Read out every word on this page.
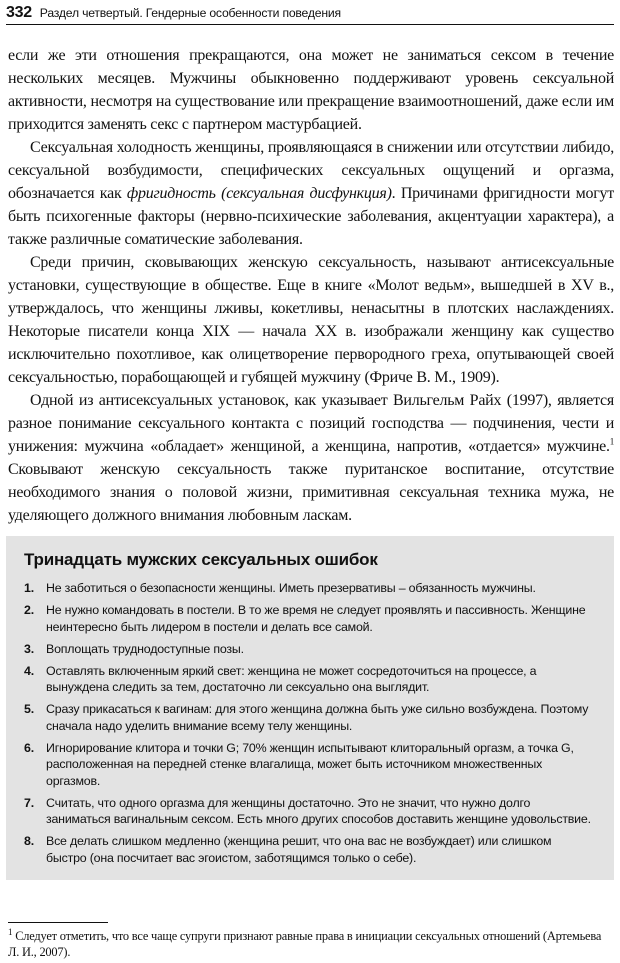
332 Раздел четвертый. Гендерные особенности поведения

если же эти отношения прекращаются, она может не заниматься сексом в течение нескольких месяцев. Мужчины обыкновенно поддерживают уровень сексуальной активности, несмотря на существование или прекращение взаимоотношений, даже если им приходится заменять секс с партнером мастурбацией.

Сексуальная холодность женщины, проявляющаяся в снижении или отсутствии либидо, сексуальной возбудимости, специфических сексуальных ощущений и оргазма, обозначается как фригидность (сексуальная дисфункция). Причинами фригидности могут быть психогенные факторы (нервно-психические заболевания, акцентуации характера), а также различные соматические заболевания.

Среди причин, сковывающих женскую сексуальность, называют антисексуальные установки, существующие в обществе. Еще в книге «Молот ведьм», вышедшей в XV в., утверждалось, что женщины лживы, кокетливы, ненасытны в плотских наслаждениях. Некоторые писатели конца XIX — начала XX в. изображали женщину как существо исключительно похотливое, как олицетворение первородного греха, опутывающей своей сексуальностью, порабощающей и губящей мужчину (Фриче В. М., 1909).

Одной из антисексуальных установок, как указывает Вильгельм Райх (1997), является разное понимание сексуального контакта с позиций господства — подчинения, чести и унижения: мужчина «обладает» женщиной, а женщина, напротив, «отдается» мужчине.$^1$ Сковывают женскую сексуальность также пуританское воспитание, отсутствие необходимого знания о половой жизни, примитивная сексуальная техника мужа, не уделяющего должного внимания любовным ласкам.

Тринадцать мужских сексуальных ошибок
1. Не заботиться о безопасности женщины. Иметь презервативы – обязанность мужчины.
2. Не нужно командовать в постели. В то же время не следует проявлять и пассивность. Женщине неинтересно быть лидером в постели и делать все самой.
3. Воплощать труднодоступные позы.
4. Оставлять включенным яркий свет: женщина не может сосредоточиться на процессе, а вынуждена следить за тем, достаточно ли сексуально она выглядит.
5. Сразу прикасаться к вагинам: для этого женщина должна быть уже сильно возбуждена. Поэтому сначала надо уделить внимание всему телу женщины.
6. Игнорирование клитора и точки G; 70% женщин испытывают клиторальный оргазм, а точка G, расположенная на передней стенке влагалища, может быть источником множественных оргазмов.
7. Считать, что одного оргазма для женщины достаточно. Это не значит, что нужно долго заниматься вагинальным сексом. Есть много других способов доставить женщине удовольствие.
8. Все делать слишком медленно (женщина решит, что она вас не возбуждает) или слишком быстро (она посчитает вас эгоистом, заботящимся только о себе).
$^1$ Следует отметить, что все чаще супруги признают равные права в инициации сексуальных отношений (Артемьева Л. И., 2007).
